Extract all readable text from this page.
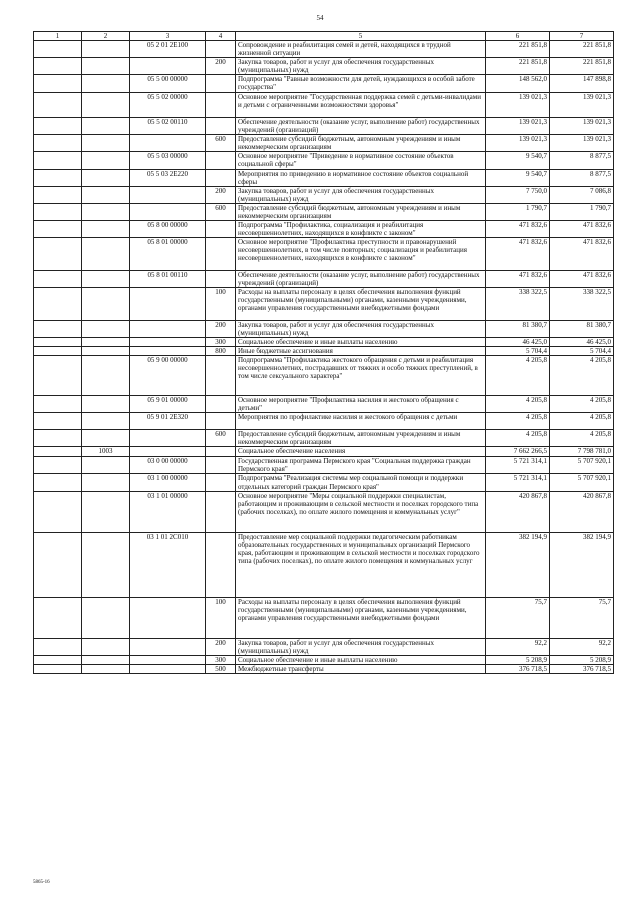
54
1	2	3	4	5	6	7
		05 2 01 2Е100		Сопровождение и реабилитация семей и детей, находящихся в трудной жизненной ситуации	221 851,8	221 851,8
			200	Закупка товаров, работ и услуг для обеспечения государственных (муниципальных) нужд	221 851,8	221 851,8
		05 5 00 00000		Подпрограмма "Равные возможности для детей, нуждающихся в особой заботе государства"	148 562,0	147 898,8
		05 5 02 00000		Основное мероприятие "Государственная поддержка семей с детьми-инвалидами и детьми с ограниченными возможностями здоровья"	139 021,3	139 021,3
		05 5 02 00110		Обеспечение деятельности (оказание услуг, выполнение работ) государственных учреждений (организаций)	139 021,3	139 021,3
			600	Предоставление субсидий бюджетным, автономным учреждениям и иным некоммерческим организациям	139 021,3	139 021,3
		05 5 03 00000		Основное мероприятие "Приведение в нормативное состояние объектов социальной сферы"	9 540,7	8 877,5
		05 5 03 2Е220		Мероприятия по приведению в нормативное состояние объектов социальной сферы	9 540,7	8 877,5
			200	Закупка товаров, работ и услуг для обеспечения государственных (муниципальных) нужд	7 750,0	7 086,8
			600	Предоставление субсидий бюджетным, автономным учреждениям и иным некоммерческим организациям	1 790,7	1 790,7
		05 8 00 00000		Подпрограмма "Профилактика, социализация и реабилитация несовершеннолетних, находящихся в конфликте с законом"	471 832,6	471 832,6
		05 8 01 00000		Основное мероприятие "Профилактика преступности и правонарушений несовершеннолетних, в том числе повторных; социализация и реабилитация несовершеннолетних, находящихся в конфликте с законом"	471 832,6	471 832,6
		05 8 01 00110		Обеспечение деятельности (оказание услуг, выполнение работ) государственных учреждений (организаций)	471 832,6	471 832,6
			100	Расходы на выплаты персоналу в целях обеспечения выполнения функций государственными (муниципальными) органами, казенными учреждениями, органами управления государственными внебюджетными фондами	338 322,5	338 322,5
			200	Закупка товаров, работ и услуг для обеспечения государственных (муниципальных) нужд	81 380,7	81 380,7
			300	Социальное обеспечение и иные выплаты населению	46 425,0	46 425,0
			800	Иные бюджетные ассигнования	5 704,4	5 704,4
		05 9 00 00000		Подпрограмма "Профилактика жестокого обращения с детьми и реабилитация несовершеннолетних, пострадавших от тяжких и особо тяжких преступлений, в том числе сексуального характера"	4 205,8	4 205,8
		05 9 01 00000		Основное мероприятие "Профилактика насилия и жестокого обращения с детьми"	4 205,8	4 205,8
		05 9 01 2Е320		Мероприятия по профилактике насилия и жестокого обращения с детьми	4 205,8	4 205,8
			600	Предоставление субсидий бюджетным, автономным учреждениям и иным некоммерческим организациям	4 205,8	4 205,8
	1003			Социальное обеспечение населения	7 662 266,5	7 798 781,0
		03 0 00 00000		Государственная программа Пермского края "Социальная поддержка граждан Пермского края"	5 721 314,1	5 707 920,1
		03 1 00 00000		Подпрограмма "Реализация системы мер социальной помощи и поддержки отдельных категорий граждан Пермского края"	5 721 314,1	5 707 920,1
		03 1 01 00000		Основное мероприятие "Меры социальной поддержки специалистам, работающим и проживающим в сельской местности и поселках городского типа (рабочих поселках), по оплате жилого помещения и коммунальных услуг"	420 867,8	420 867,8
		03 1 01 2С010		Предоставление мер социальной поддержки педагогическим работникам образовательных государственных и муниципальных организаций Пермского края, работающим и проживающим в сельской местности и поселках городского типа (рабочих поселках), по оплате жилого помещения и коммунальных услуг	382 194,9	382 194,9
			100	Расходы на выплаты персоналу в целях обеспечения выполнения функций государственными (муниципальными) органами, казенными учреждениями, органами управления государственными внебюджетными фондами	75,7	75,7
			200	Закупка товаров, работ и услуг для обеспечения государственных (муниципальных) нужд	92,2	92,2
			300	Социальное обеспечение и иные выплаты населению	5 208,9	5 208,9
			500	Межбюджетные трансферты	376 718,5	376 718,5
5865-16
